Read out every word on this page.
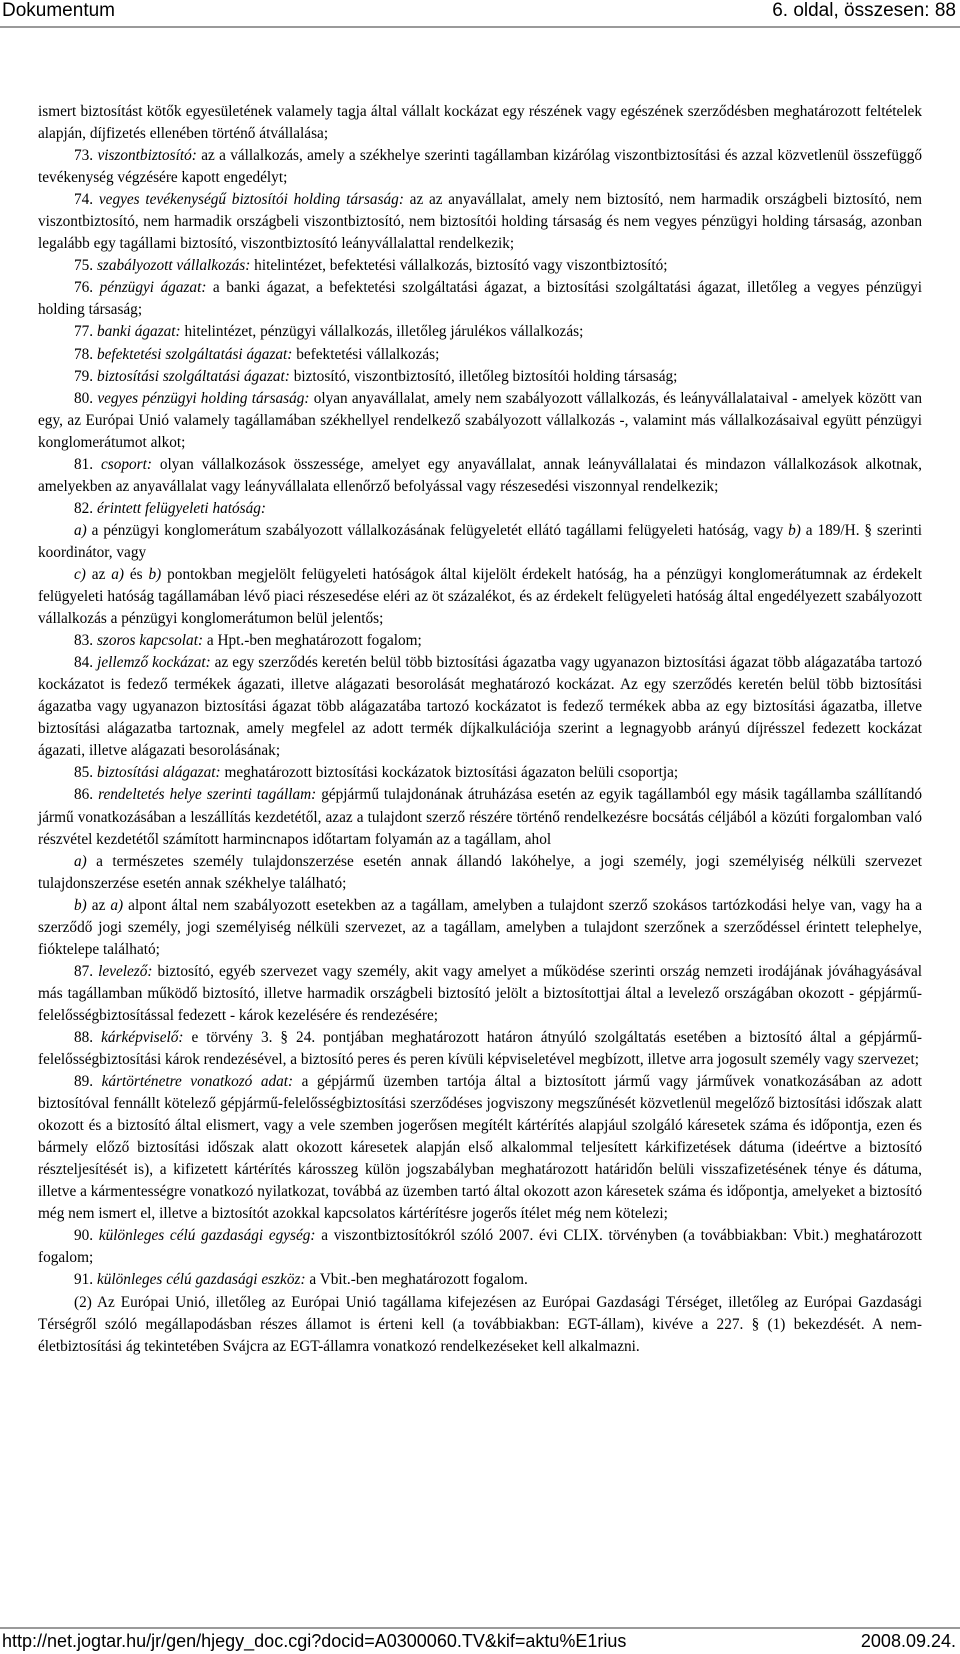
Dokumentum	6. oldal, összesen: 88

ismert biztosítást kötők egyesületének valamely tagja által vállalt kockázat egy részének vagy egészének szerződésben meghatározott feltételek alapján, díjfizetés ellenében történő átvállalása;

73. viszontbiztosító: az a vállalkozás, amely a székhelye szerinti tagállamban kizárólag viszontbiztosítási és azzal közvetlenül összefüggő tevékenység végzésére kapott engedélyt;

74. vegyes tevékenységű biztosítói holding társaság: az az anyavállalat, amely nem biztosító, nem harmadik országbeli biztosító, nem viszontbiztosító, nem harmadik országbeli viszontbiztosító, nem biztosítói holding társaság és nem vegyes pénzügyi holding társaság, azonban legalább egy tagállami biztosító, viszontbiztosító leányvállalattal rendelkezik;

75. szabályozott vállalkozás: hitelintézet, befektetési vállalkozás, biztosító vagy viszontbiztosító;

76. pénzügyi ágazat: a banki ágazat, a befektetési szolgáltatási ágazat, a biztosítási szolgáltatási ágazat, illetőleg a vegyes pénzügyi holding társaság;

77. banki ágazat: hitelintézet, pénzügyi vállalkozás, illetőleg járulékos vállalkozás;

78. befektetési szolgáltatási ágazat: befektetési vállalkozás;

79. biztosítási szolgáltatási ágazat: biztosító, viszontbiztosító, illetőleg biztosítói holding társaság;

80. vegyes pénzügyi holding társaság: olyan anyavállalat, amely nem szabályozott vállalkozás, és leányvállalataival - amelyek között van egy, az Európai Unió valamely tagállamában székhellyel rendelkező szabályozott vállalkozás -, valamint más vállalkozásaival együtt pénzügyi konglomerátumot alkot;

81. csoport: olyan vállalkozások összessége, amelyet egy anyavállalat, annak leányvállalatai és mindazon vállalkozások alkotnak, amelyekben az anyavállalat vagy leányvállalata ellenőrző befolyással vagy részesedési viszonnyal rendelkezik;

82. érintett felügyeleti hatóság:

a) a pénzügyi konglomerátum szabályozott vállalkozásának felügyeletét ellátó tagállami felügyeleti hatóság, vagy b) a 189/H. § szerinti koordinátor, vagy

c) az a) és b) pontokban megjelölt felügyeleti hatóságok által kijelölt érdekelt hatóság, ha a pénzügyi konglomerátumnak az érdekelt felügyeleti hatóság tagállamában lévő piaci részesedése eléri az öt százalékot, és az érdekelt felügyeleti hatóság által engedélyezett szabályozott vállalkozás a pénzügyi konglomerátumon belül jelentős;

83. szoros kapcsolat: a Hpt.-ben meghatározott fogalom;

84. jellemző kockázat: az egy szerződés keretén belül több biztosítási ágazatba vagy ugyanazon biztosítási ágazat több alágazatába tartozó kockázatot is fedező termékek ágazati, illetve alágazati besorolását meghatározó kockázat. Az egy szerződés keretén belül több biztosítási ágazatba vagy ugyanazon biztosítási ágazat több alágazatába tartozó kockázatot is fedező termékek abba az egy biztosítási ágazatba, illetve biztosítási alágazatba tartoznak, amely megfelel az adott termék díjkalkulációja szerint a legnagyobb arányú díjrésszel fedezett kockázat ágazati, illetve alágazati besorolásának;

85. biztosítási alágazat: meghatározott biztosítási kockázatok biztosítási ágazaton belüli csoportja;

86. rendeltetés helye szerinti tagállam: gépjármű tulajdonának átruházása esetén az egyik tagállamból egy másik tagállamba szállítandó jármű vonatkozásában a leszállítás kezdetétől, azaz a tulajdont szerző részére történő rendelkezésre bocsátás céljából a közúti forgalomban való részvétel kezdetétől számított harmincnapos időtartam folyamán az a tagállam, ahol

a) a természetes személy tulajdonszerzése esetén annak állandó lakóhelye, a jogi személy, jogi személyiség nélküli szervezet tulajdonszerzése esetén annak székhelye található;

b) az a) alpont által nem szabályozott esetekben az a tagállam, amelyben a tulajdont szerző szokásos tartózkodási helye van, vagy ha a szerződő jogi személy, jogi személyiség nélküli szervezet, az a tagállam, amelyben a tulajdont szerzőnek a szerződéssel érintett telephelye, fióktelepe található;

87. levelező: biztosító, egyéb szervezet vagy személy, akit vagy amelyet a működése szerinti ország nemzeti irodájának jóváhagyásával más tagállamban működő biztosító, illetve harmadik országbeli biztosító jelölt a biztosítottjai által a levelező országában okozott - gépjármű-felelősségbiztosítással fedezett - károk kezelésére és rendezésére;

88. kárképviselő: e törvény 3. § 24. pontjában meghatározott határon átnyúló szolgáltatás esetében a biztosító által a gépjármű-felelősségbiztosítási károk rendezésével, a biztosító peres és peren kívüli képviseletével megbízott, illetve arra jogosult személy vagy szervezet;

89. kártörténetre vonatkozó adat: a gépjármű üzemben tartója által a biztosított jármű vagy járművek vonatkozásában az adott biztosítóval fennállt kötelező gépjármű-felelősségbiztosítási szerződéses jogviszony megszűnését közvetlenül megelőző biztosítási időszak alatt okozott és a biztosító által elismert, vagy a vele szemben jogerősen megítélt kártérítés alapjául szolgáló káresetek száma és időpontja, ezen és bármely előző biztosítási időszak alatt okozott káresetek alapján első alkalommal teljesített kárkifizetések dátuma (ideértve a biztosító részteljesítését is), a kifizetett kártérítés károsszeg külön jogszabályban meghatározott határidőn belüli visszafizetésének ténye és dátuma, illetve a kármentességre vonatkozó nyilatkozat, továbbá az üzemben tartó által okozott azon káresetek száma és időpontja, amelyeket a biztosító még nem ismert el, illetve a biztosítót azokkal kapcsolatos kártérítésre jogerős ítélet még nem kötelezi;

90. különleges célú gazdasági egység: a viszontbiztosítókról szóló 2007. évi CLIX. törvényben (a továbbiakban: Vbit.) meghatározott fogalom;

91. különleges célú gazdasági eszköz: a Vbit.-ben meghatározott fogalom.

(2) Az Európai Unió, illetőleg az Európai Unió tagállama kifejezésen az Európai Gazdasági Térséget, illetőleg az Európai Gazdasági Térségről szóló megállapodásban részes államot is érteni kell (a továbbiakban: EGT-állam), kivéve a 227. § (1) bekezdését. A nem-életbiztosítási ág tekintetében Svájcra az EGT-államra vonatkozó rendelkezéseket kell alkalmazni.

http://net.jogtar.hu/jr/gen/hjegy_doc.cgi?docid=A0300060.TV&kif=aktu%E1rius	2008.09.24.
